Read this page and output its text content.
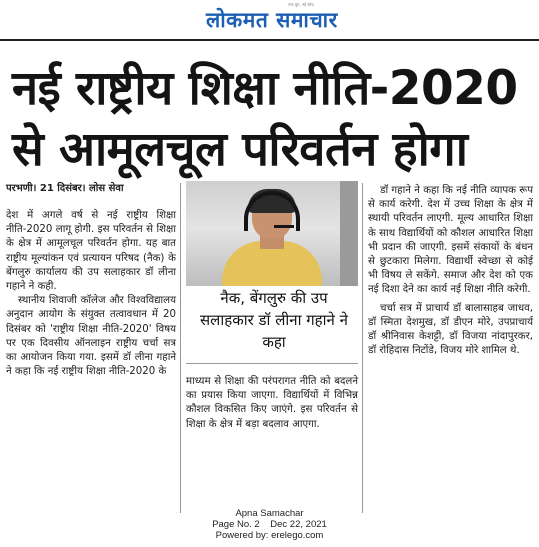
नया युग, नई सोच
लोकमत समाचार
नई राष्ट्रीय शिक्षा नीति-2020
से आमूलचूल परिवर्तन होगा
परभणी। 21 दिसंबर। लोस सेवा

देश में अगले वर्ष से नई राष्ट्रीय शिक्षा नीति-2020 लागू होगी. इस परिवर्तन से शिक्षा के क्षेत्र में आमूलचूल परिवर्तन होगा. यह बात राष्ट्रीय मूल्यांकन एवं प्रत्यायन परिषद (नैक) के बेंगलुरु कार्यालय की उप सलाहकार डॉ लीना गहाने ने कही.

स्थानीय शिवाजी कॉलेज और विश्वविद्यालय अनुदान आयोग के संयुक्त तत्वावधान में 20 दिसंबर को 'राष्ट्रीय शिक्षा नीति-2020' विषय पर एक दिवसीय ऑनलाइन राष्ट्रीय चर्चा सत्र का आयोजन किया गया. इसमें डॉ लीना गहाने ने कहा कि नई राष्ट्रीय शिक्षा नीति-2020 के

नैक, बेंगलुरु की उप सलाहकार डॉ लीना गहाने ने कहा

माध्यम से शिक्षा की परंपरागत नीति को बदलने का प्रयास किया जाएगा. विद्यार्थियों में विभिन्न कौशल विकसित किए जाएंगे. इस परिवर्तन से शिक्षा के क्षेत्र में बड़ा बदलाव आएगा.

डॉ गहाने ने कहा कि नई नीति व्यापक रूप से कार्य करेगी. देश में उच्च शिक्षा के क्षेत्र में स्थायी परिवर्तन लाएगी. मूल्य आधारित शिक्षा के साथ विद्यार्थियों को कौशल आधारित शिक्षा भी प्रदान की जाएगी. इसमें संकायों के बंधन से छुटकारा मिलेगा. विद्यार्थी स्वेच्छा से कोई भी विषय ले सकेंगे. समाज और देश को एक नई दिशा देने का कार्य नई शिक्षा नीति करेगी.

चर्चा सत्र में प्राचार्य डॉ बालासाहब जाधव, डॉ स्मिता देशमुख, डॉ डीएन मोरे, उपप्राचार्य डॉ श्रीनिवास केशट्टी, डॉ विजया नांदापुरकर, डॉ रोहिदास निटोंडे, विजय मोरे शामिल थे.

Apna Samachar
Page No. 2    Dec 22, 2021
Powered by: erelego.com
